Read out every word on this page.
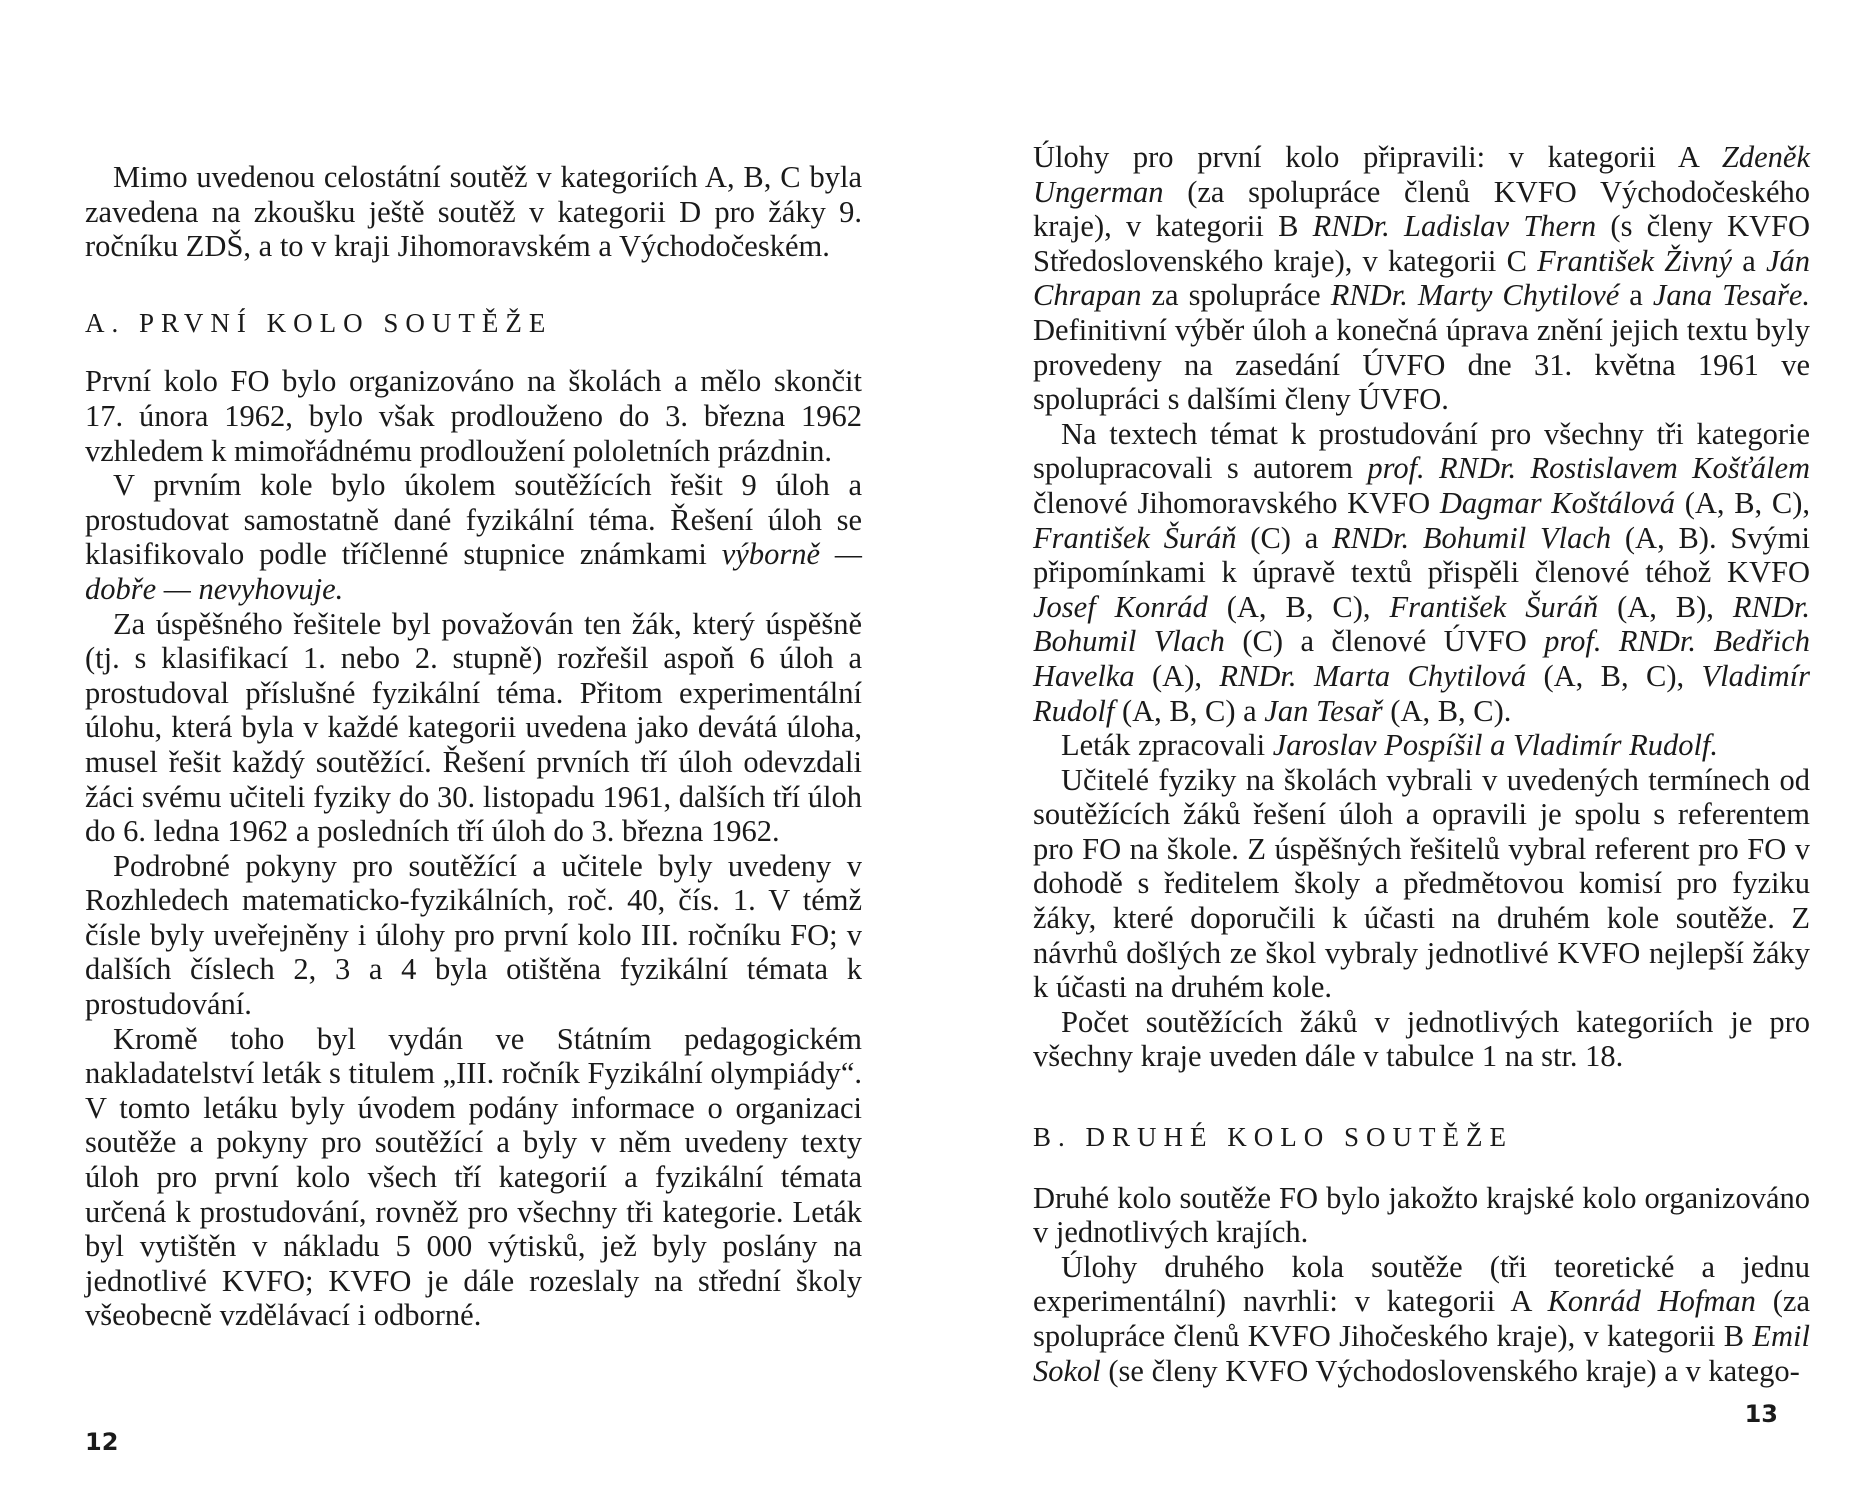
Mimo uvedenou celostátní soutěž v kategoriích A, B, C byla zavedena na zkoušku ještě soutěž v kategorii D pro žáky 9. ročníku ZDŠ, a to v kraji Jihomoravském a Východočeském.

A. PRVNÍ KOLO SOUTĚŽE

První kolo FO bylo organizováno na školách a mělo skončit 17. února 1962, bylo však prodlouženo do 3. března 1962 vzhledem k mimořádnému prodloužení pololetních prázdnin.

V prvním kole bylo úkolem soutěžících řešit 9 úloh a prostudovat samostatně dané fyzikální téma. Řešení úloh se klasifikovalo podle tříčlenné stupnice známkami výborně — dobře — nevyhovuje.

Za úspěšného řešitele byl považován ten žák, který úspěšně (tj. s klasifikací 1. nebo 2. stupně) rozřešil aspoň 6 úloh a prostudoval příslušné fyzikální téma. Přitom experimentální úlohu, která byla v každé kategorii uvedena jako devátá úloha, musel řešit každý soutěžící. Řešení prvních tří úloh odevzdali žáci svému učiteli fyziky do 30. listopadu 1961, dalších tří úloh do 6. ledna 1962 a posledních tří úloh do 3. března 1962.

Podrobné pokyny pro soutěžící a učitele byly uvedeny v Rozhledech matematicko-fyzikálních, roč. 40, čís. 1. V témž čísle byly uveřejněny i úlohy pro první kolo III. ročníku FO; v dalších číslech 2, 3 a 4 byla otištěna fyzikální témata k prostudování.

Kromě toho byl vydán ve Státním pedagogickém nakladatelství leták s titulem „III. ročník Fyzikální olympiády“. V tomto letáku byly úvodem podány informace o organizaci soutěže a pokyny pro soutěžící a byly v něm uvedeny texty úloh pro první kolo všech tří kategorií a fyzikální témata určená k prostudování, rovněž pro všechny tři kategorie. Leták byl vytištěn v nákladu 5 000 výtisků, jež byly poslány na jednotlivé KVFO; KVFO je dále rozeslaly na střední školy všeobecně vzdělávací i odborné.

12

Úlohy pro první kolo připravili: v kategorii A Zdeněk Ungerman (za spolupráce členů KVFO Východočeského kraje), v kategorii B RNDr. Ladislav Thern (s členy KVFO Středoslovenského kraje), v kategorii C František Živný a Ján Chrapan za spolupráce RNDr. Marty Chytilové a Jana Tesaře. Definitivní výběr úloh a konečná úprava znění jejich textu byly provedeny na zasedání ÚVFO dne 31. května 1961 ve spolupráci s dalšími členy ÚVFO.

Na textech témat k prostudování pro všechny tři kategorie spolupracovali s autorem prof. RNDr. Rostislavem Košťálem členové Jihomoravského KVFO Dagmar Koštálová (A, B, C), František Šuráň (C) a RNDr. Bohumil Vlach (A, B). Svými připomínkami k úpravě textů přispěli členové téhož KVFO Josef Konrád (A, B, C), František Šuráň (A, B), RNDr. Bohumil Vlach (C) a členové ÚVFO prof. RNDr. Bedřich Havelka (A), RNDr. Marta Chytilová (A, B, C), Vladimír Rudolf (A, B, C) a Jan Tesař (A, B, C).

Leták zpracovali Jaroslav Pospíšil a Vladimír Rudolf.

Učitelé fyziky na školách vybrali v uvedených termínech od soutěžících žáků řešení úloh a opravili je spolu s referentem pro FO na škole. Z úspěšných řešitelů vybral referent pro FO v dohodě s ředitelem školy a předmětovou komisí pro fyziku žáky, které doporučili k účasti na druhém kole soutěže. Z návrhů došlých ze škol vybraly jednotlivé KVFO nejlepší žáky k účasti na druhém kole.

Počet soutěžících žáků v jednotlivých kategoriích je pro všechny kraje uveden dále v tabulce 1 na str. 18.

B. DRUHÉ KOLO SOUTĚŽE

Druhé kolo soutěže FO bylo jakožto krajské kolo organizováno v jednotlivých krajích.

Úlohy druhého kola soutěže (tři teoretické a jednu experimentální) navrhli: v kategorii A Konrád Hofman (za spolupráce členů KVFO Jihočeského kraje), v kategorii B Emil Sokol (se členy KVFO Východoslovenského kraje) a v katego-

13
